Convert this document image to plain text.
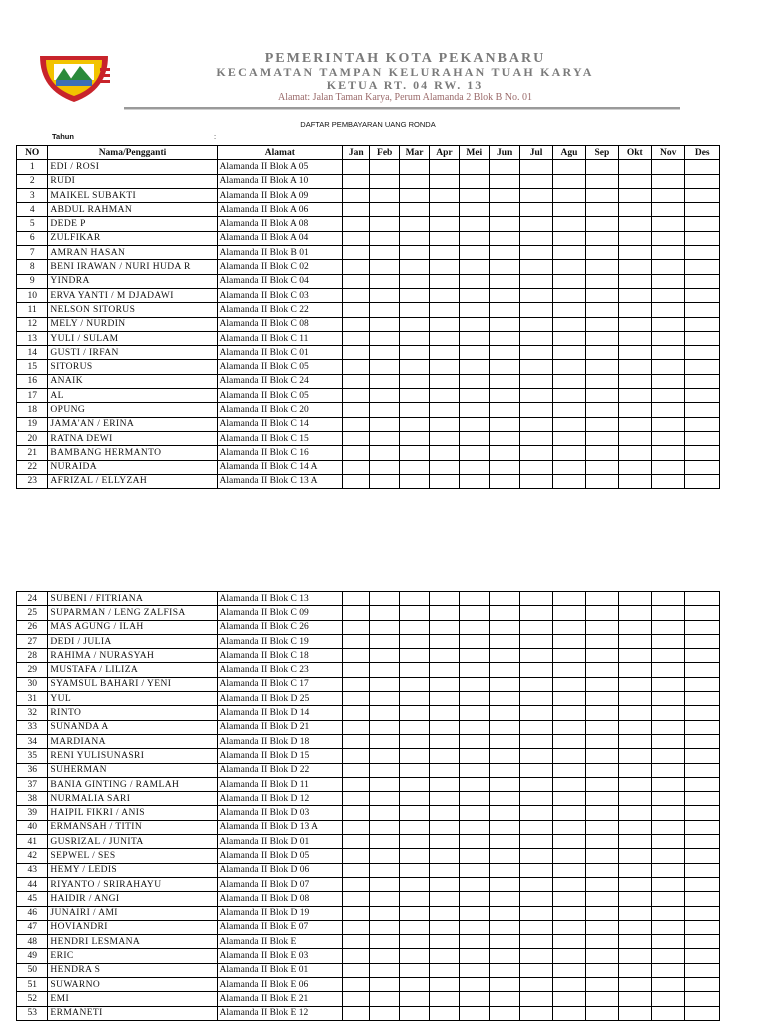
PEMERINTAH KOTA PEKANBARU
KECAMATAN TAMPAN KELURAHAN TUAH KARYA
KETUA RT. 04 RW. 13
Alamat: Jalan Taman Karya, Perum Alamanda 2 Blok B No. 01
DAFTAR PEMBAYARAN UANG RONDA
Tahun	:
NO	Nama/Pengganti	Alamat	Jan	Feb	Mar	Apr	Mei	Jun	Jul	Agu	Sep	Okt	Nov	Des
1	EDI / ROSI	Alamanda II Blok A 05												
2	RUDI	Alamanda II Blok A 10												
3	MAIKEL SUBAKTI	Alamanda II Blok A 09												
4	ABDUL RAHMAN	Alamanda II Blok A 06												
5	DEDE P	Alamanda II Blok A 08												
6	ZULFIKAR	Alamanda II Blok A 04												
7	AMRAN HASAN	Alamanda II Blok B 01												
8	BENI IRAWAN / NURI HUDA R	Alamanda II Blok C 02												
9	YINDRA	Alamanda II Blok C 04												
10	ERVA YANTI / M DJADAWI	Alamanda II Blok C 03												
11	NELSON SITORUS	Alamanda II Blok C 22												
12	MELY / NURDIN	Alamanda II Blok C 08												
13	YULI / SULAM	Alamanda II Blok C 11												
14	GUSTI / IRFAN	Alamanda II Blok C 01												
15	SITORUS	Alamanda II Blok C 05												
16	ANAIK	Alamanda II Blok C 24												
17	AL	Alamanda II Blok C 05												
18	OPUNG	Alamanda II Blok C 20												
19	JAMA'AN / ERINA	Alamanda II Blok C 14												
20	RATNA DEWI	Alamanda II Blok C 15												
21	BAMBANG HERMANTO	Alamanda II Blok C 16												
22	NURAIDA	Alamanda II Blok C 14 A												
23	AFRIZAL / ELLYZAH	Alamanda II Blok C 13 A												
24	SUBENI / FITRIANA	Alamanda II Blok C 13												
25	SUPARMAN / LENG ZALFISA	Alamanda II Blok C 09												
26	MAS AGUNG / ILAH	Alamanda II Blok C 26												
27	DEDI / JULIA	Alamanda II Blok C 19												
28	RAHIMA / NURASYAH	Alamanda II Blok C 18												
29	MUSTAFA / LILIZA	Alamanda II Blok C 23												
30	SYAMSUL BAHARI / YENI	Alamanda II Blok C 17												
31	YUL	Alamanda II Blok D 25												
32	RINTO	Alamanda II Blok D 14												
33	SUNANDA A	Alamanda II Blok D 21												
34	MARDIANA	Alamanda II Blok D 18												
35	RENI YULISUNASRI	Alamanda II Blok D 15												
36	SUHERMAN	Alamanda II Blok D 22												
37	BANIA GINTING / RAMLAH	Alamanda II Blok D 11												
38	NURMALIA SARI	Alamanda II Blok D 12												
39	HAIPIL FIKRI / ANIS	Alamanda II Blok D 03												
40	ERMANSAH / TITIN	Alamanda II Blok D 13 A												
41	GUSRIZAL / JUNITA	Alamanda II Blok D 01												
42	SEPWEL / SES	Alamanda II Blok D 05												
43	HEMY / LEDIS	Alamanda II Blok D 06												
44	RIYANTO / SRIRAHAYU	Alamanda II Blok D 07												
45	HAIDIR / ANGI	Alamanda II Blok D 08												
46	JUNAIRI / AMI	Alamanda II Blok D 19												
47	HOVIANDRI	Alamanda II Blok E 07												
48	HENDRI LESMANA	Alamanda II Blok E												
49	ERIC	Alamanda II Blok E 03												
50	HENDRA S	Alamanda II Blok E 01												
51	SUWARNO	Alamanda II Blok E 06												
52	EMI	Alamanda II Blok E 21												
53	ERMANETI	Alamanda II Blok E 12												
